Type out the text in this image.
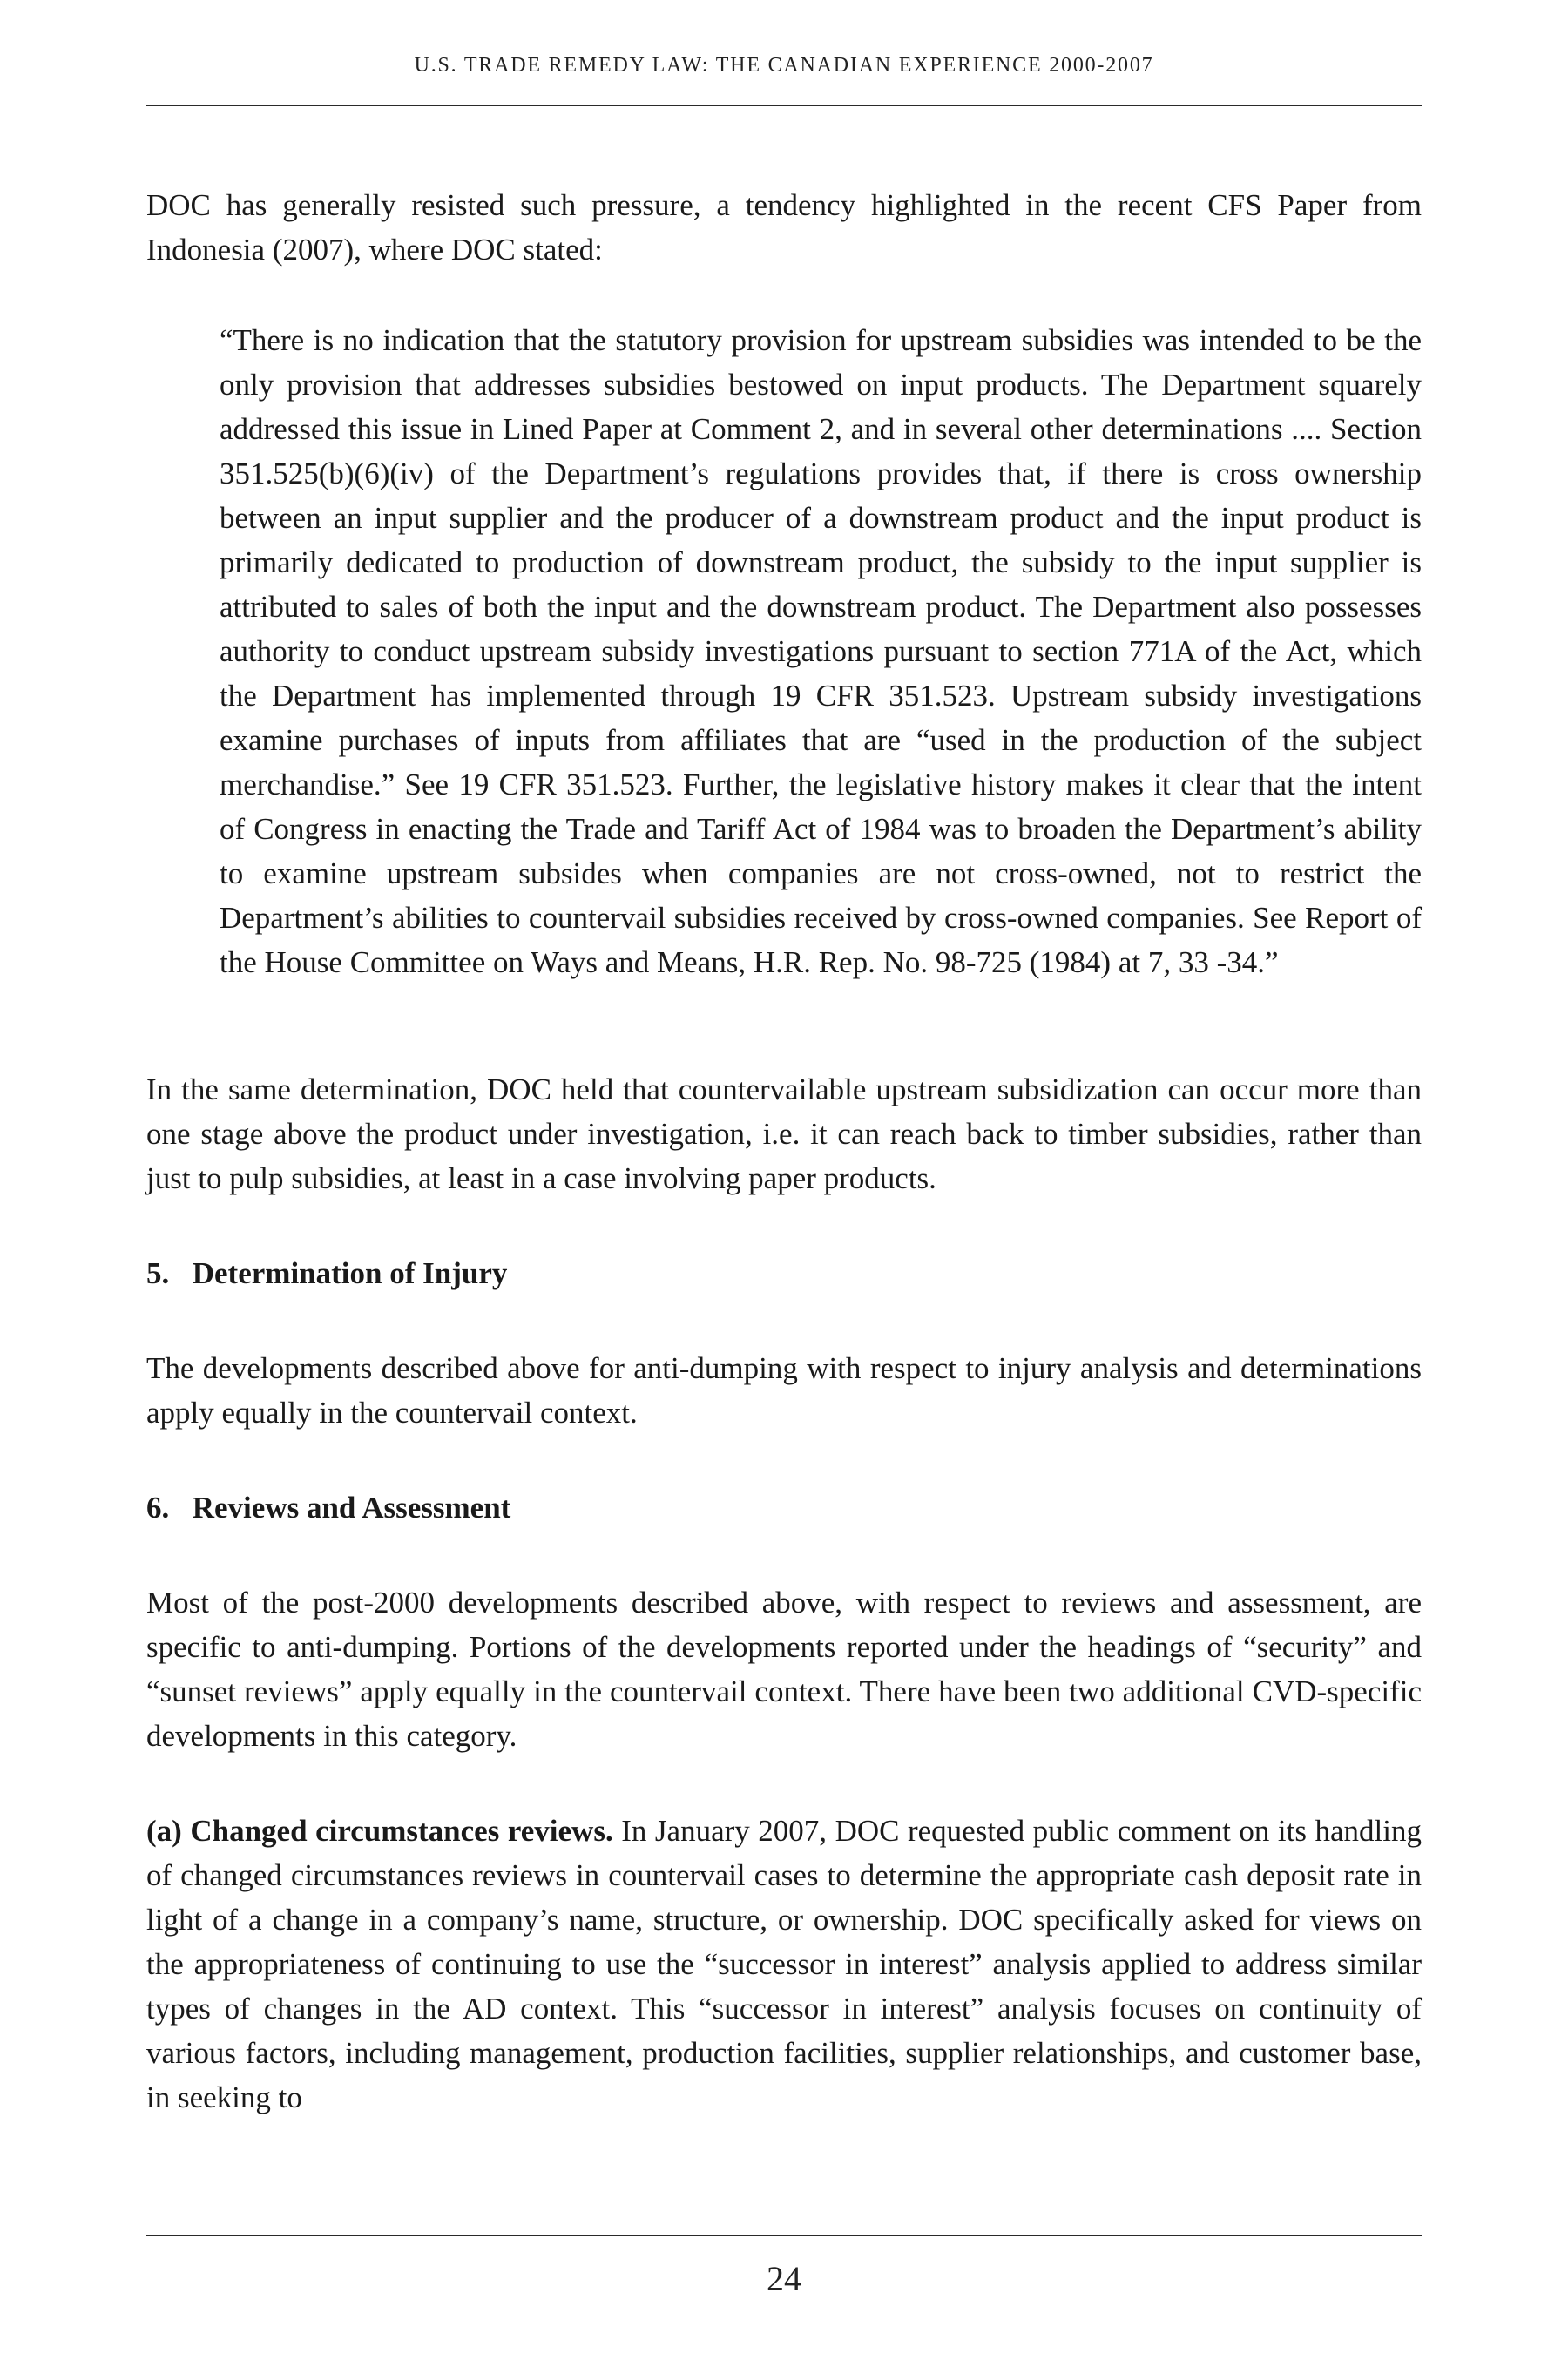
U.S. TRADE REMEDY LAW: THE CANADIAN EXPERIENCE 2000-2007

DOC has generally resisted such pressure, a tendency highlighted in the recent CFS Paper from Indonesia (2007), where DOC stated:

“There is no indication that the statutory provision for upstream subsidies was intended to be the only provision that addresses subsidies bestowed on input products. The Department squarely addressed this issue in Lined Paper at Comment 2, and in several other determinations .... Section 351.525(b)(6)(iv) of the Department’s regulations provides that, if there is cross ownership between an input supplier and the producer of a downstream product and the input product is primarily dedicated to production of downstream product, the subsidy to the input supplier is attributed to sales of both the input and the downstream product. The Department also possesses authority to conduct upstream subsidy investigations pursuant to section 771A of the Act, which the Department has implemented through 19 CFR 351.523. Upstream subsidy investigations examine purchases of inputs from affiliates that are “used in the production of the subject merchandise.” See 19 CFR 351.523. Further, the legislative history makes it clear that the intent of Congress in enacting the Trade and Tariff Act of 1984 was to broaden the Department’s ability to examine upstream subsides when companies are not cross-owned, not to restrict the Department’s abilities to countervail subsidies received by cross-owned companies. See Report of the House Committee on Ways and Means, H.R. Rep. No. 98-725 (1984) at 7, 33 -34.”

In the same determination, DOC held that countervailable upstream subsidization can occur more than one stage above the product under investigation, i.e. it can reach back to timber subsidies, rather than just to pulp subsidies, at least in a case involving paper products.

5. Determination of Injury

The developments described above for anti-dumping with respect to injury analysis and determinations apply equally in the countervail context.

6. Reviews and Assessment

Most of the post-2000 developments described above, with respect to reviews and assessment, are specific to anti-dumping. Portions of the developments reported under the headings of “security” and “sunset reviews” apply equally in the countervail context. There have been two additional CVD-specific developments in this category.

(a) Changed circumstances reviews. In January 2007, DOC requested public comment on its handling of changed circumstances reviews in countervail cases to determine the appropriate cash deposit rate in light of a change in a company’s name, structure, or ownership. DOC specifically asked for views on the appropriateness of continuing to use the “successor in interest” analysis applied to address similar types of changes in the AD context. This “successor in interest” analysis focuses on continuity of various factors, including management, production facilities, supplier relationships, and customer base, in seeking to

24
